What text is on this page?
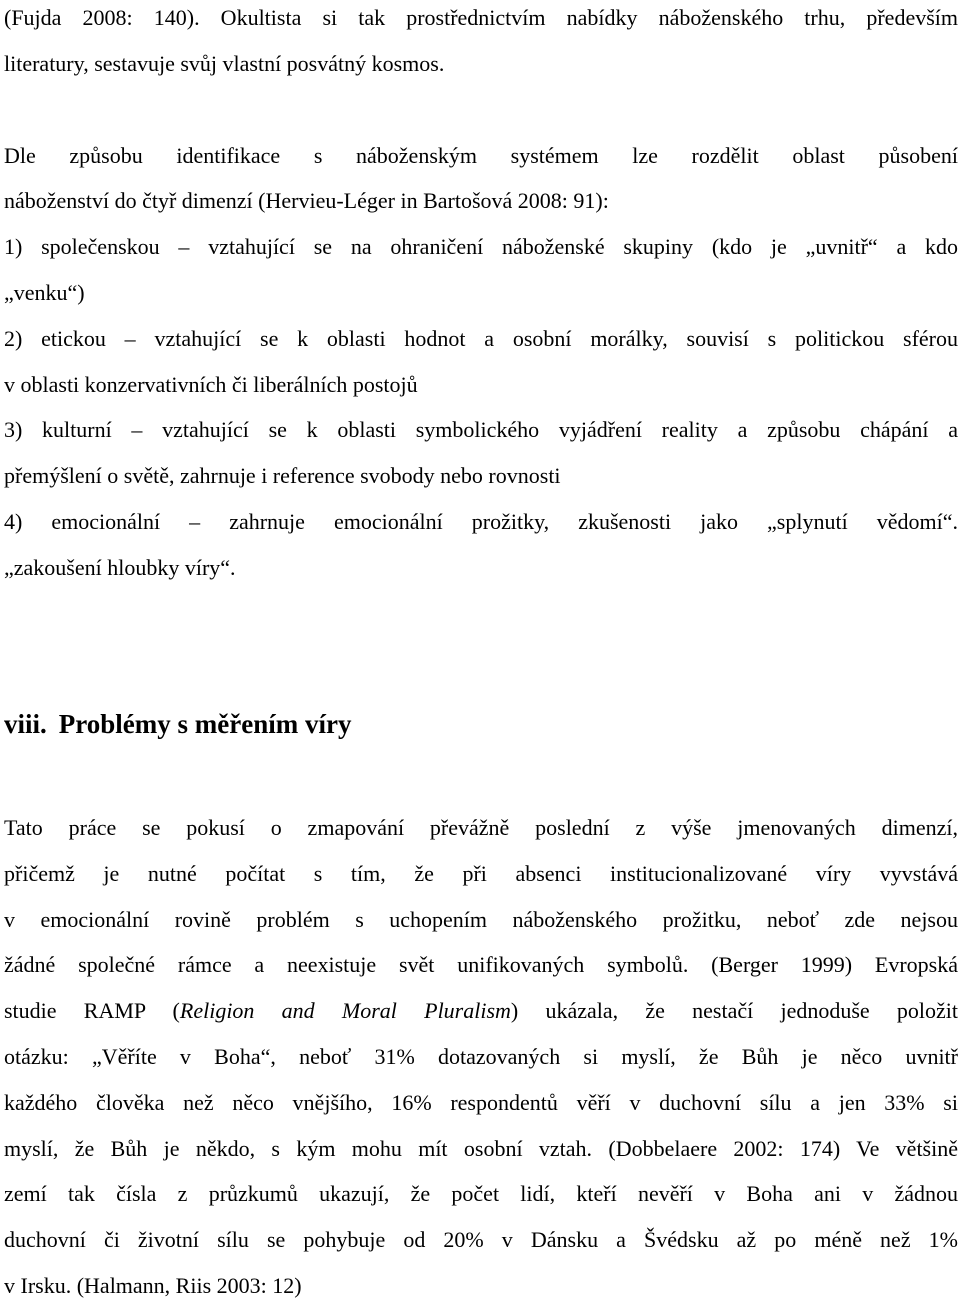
(Fujda 2008: 140). Okultista si tak prostřednictvím nabídky náboženského trhu, především

literatury, sestavuje svůj vlastní posvátný kosmos.

Dle způsobu identifikace s náboženským systémem lze rozdělit oblast působení

náboženství do čtyř dimenzí (Hervieu-Léger in Bartošová 2008: 91):

1) společenskou – vztahující se na ohraničení náboženské skupiny (kdo je „uvnitř“ a kdo

„venku“)

2) etickou – vztahující se k oblasti hodnot a osobní morálky, souvisí s politickou sférou

v oblasti konzervativních či liberálních postojů

3) kulturní – vztahující se k oblasti symbolického vyjádření reality a způsobu chápání a

přemýšlení o světě, zahrnuje i reference svobody nebo rovnosti

4) emocionální – zahrnuje emocionální prožitky, zkušenosti jako „splynutí vědomí“.

„zakoušení hloubky víry“.

viii. Problémy s měřením víry

Tato práce se pokusí o zmapování převážně poslední z výše jmenovaných dimenzí,

přičemž je nutné počítat s tím, že při absenci institucionalizované víry vyvstává

v emocionální rovině problém s uchopením náboženského prožitku, neboť zde nejsou

žádné společné rámce a neexistuje svět unifikovaných symbolů. (Berger 1999) Evropská

studie RAMP (Religion and Moral Pluralism) ukázala, že nestačí jednoduše položit

otázku: „Věříte v Boha“, neboť 31% dotazovaných si myslí, že Bůh je něco uvnitř

každého člověka než něco vnějšího, 16% respondentů věří v duchovní sílu a jen 33% si

myslí, že Bůh je někdo, s kým mohu mít osobní vztah. (Dobbelaere 2002: 174) Ve většině

zemí tak čísla z průzkumů ukazují, že počet lidí, kteří nevěří v Boha ani v žádnou

duchovní či životní sílu se pohybuje od 20% v Dánsku a Švédsku až po méně než 1%

v Irsku. (Halmann, Riis 2003: 12)
